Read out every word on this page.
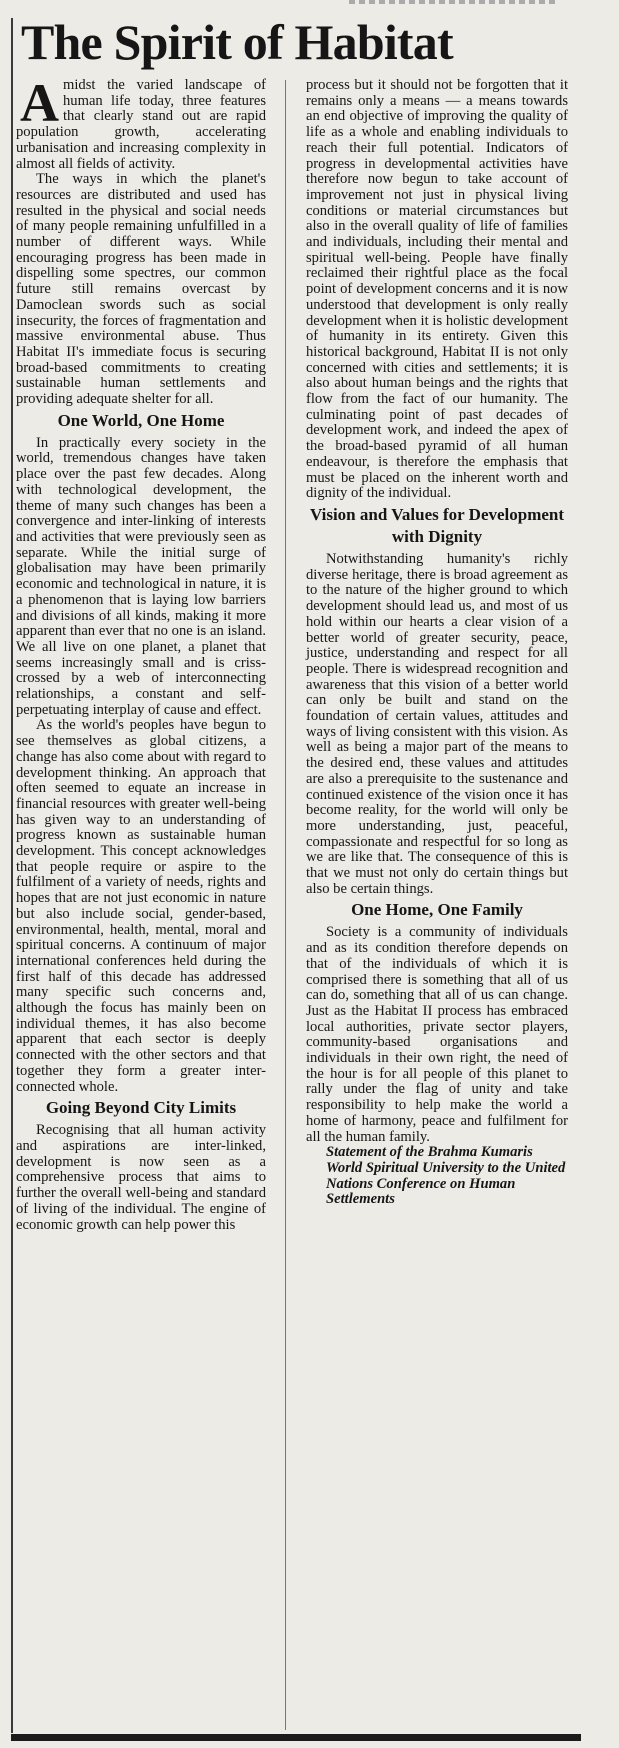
The Spirit of Habitat

Amidst the varied landscape of human life today, three features that clearly stand out are rapid population growth, accelerating urbanisation and increasing complexity in almost all fields of activity.

The ways in which the planet's resources are distributed and used has resulted in the physical and social needs of many people remaining unfulfilled in a number of different ways. While encouraging progress has been made in dispelling some spectres, our common future still remains overcast by Damoclean swords such as social insecurity, the forces of fragmentation and massive environmental abuse. Thus Habitat II's immediate focus is securing broad-based commitments to creating sustainable human settlements and providing adequate shelter for all.

One World, One Home

In practically every society in the world, tremendous changes have taken place over the past few decades. Along with technological development, the theme of many such changes has been a convergence and inter-linking of interests and activities that were previously seen as separate. While the initial surge of globalisation may have been primarily economic and technological in nature, it is a phenomenon that is laying low barriers and divisions of all kinds, making it more apparent than ever that no one is an island. We all live on one planet, a planet that seems increasingly small and is criss-crossed by a web of interconnecting relationships, a constant and self-perpetuating interplay of cause and effect.

As the world's peoples have begun to see themselves as global citizens, a change has also come about with regard to development thinking. An approach that often seemed to equate an increase in financial resources with greater well-being has given way to an understanding of progress known as sustainable human development. This concept acknowledges that people require or aspire to the fulfilment of a variety of needs, rights and hopes that are not just economic in nature but also include social, gender-based, environmental, health, mental, moral and spiritual concerns. A continuum of major international conferences held during the first half of this decade has addressed many specific such concerns and, although the focus has mainly been on individual themes, it has also become apparent that each sector is deeply connected with the other sectors and that together they form a greater inter-connected whole.

Going Beyond City Limits

Recognising that all human activity and aspirations are inter-linked, development is now seen as a comprehensive process that aims to further the overall well-being and standard of living of the individual. The engine of economic growth can help power this

process but it should not be forgotten that it remains only a means — a means towards an end objective of improving the quality of life as a whole and enabling individuals to reach their full potential. Indicators of progress in developmental activities have therefore now begun to take account of improvement not just in physical living conditions or material circumstances but also in the overall quality of life of families and individuals, including their mental and spiritual well-being. People have finally reclaimed their rightful place as the focal point of development concerns and it is now understood that development is only really development when it is holistic development of humanity in its entirety. Given this historical background, Habitat II is not only concerned with cities and settlements; it is also about human beings and the rights that flow from the fact of our humanity. The culminating point of past decades of development work, and indeed the apex of the broad-based pyramid of all human endeavour, is therefore the emphasis that must be placed on the inherent worth and dignity of the individual.

Vision and Values for Development with Dignity

Notwithstanding humanity's richly diverse heritage, there is broad agreement as to the nature of the higher ground to which development should lead us, and most of us hold within our hearts a clear vision of a better world of greater security, peace, justice, understanding and respect for all people. There is widespread recognition and awareness that this vision of a better world can only be built and stand on the foundation of certain values, attitudes and ways of living consistent with this vision. As well as being a major part of the means to the desired end, these values and attitudes are also a prerequisite to the sustenance and continued existence of the vision once it has become reality, for the world will only be more understanding, just, peaceful, compassionate and respectful for so long as we are like that. The consequence of this is that we must not only do certain things but also be certain things.

One Home, One Family

Society is a community of individuals and as its condition therefore depends on that of the individuals of which it is comprised there is something that all of us can do, something that all of us can change. Just as the Habitat II process has embraced local authorities, private sector players, community-based organisations and individuals in their own right, the need of the hour is for all people of this planet to rally under the flag of unity and take responsibility to help make the world a home of harmony, peace and fulfilment for all the human family.

Statement of the Brahma Kumaris World Spiritual University to the United Nations Conference on Human Settlements
